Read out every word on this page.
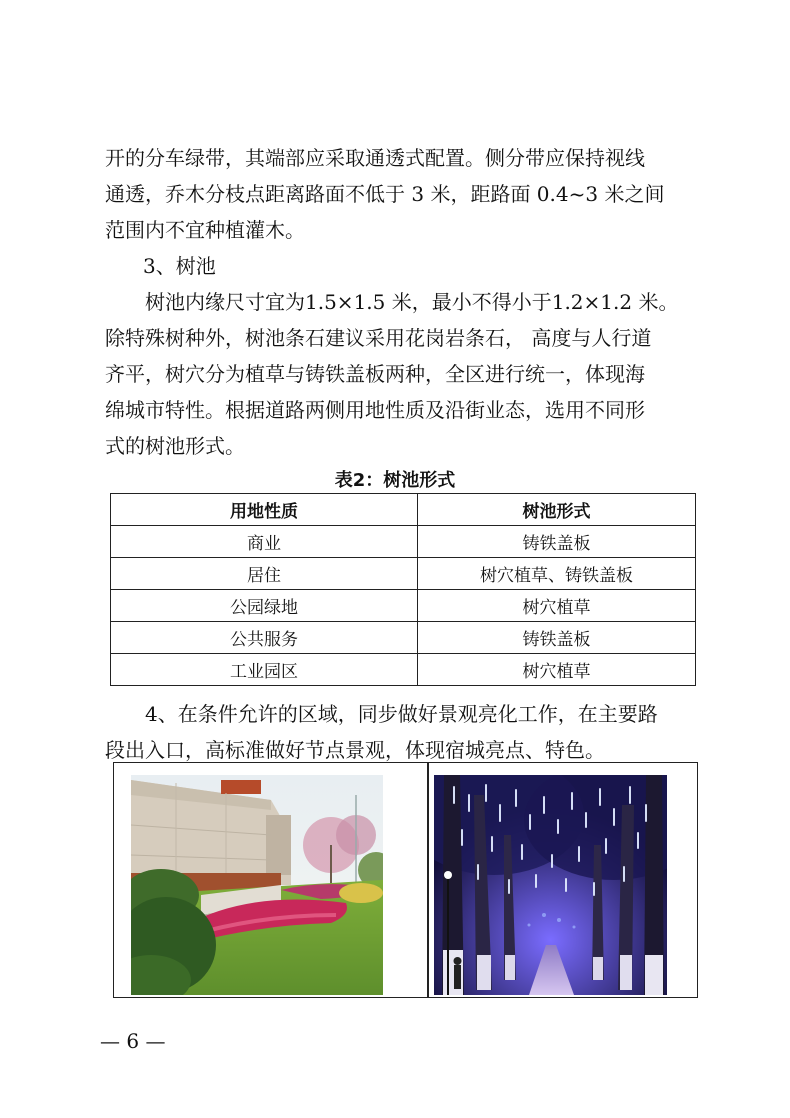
开的分车绿带，其端部应采取通透式配置。侧分带应保持视线
通透，乔木分枝点距离路面不低于 3 米，距路面 0.4~3 米之间
范围内不宜种植灌木。

3、树池

树池内缘尺寸宜为1.5×1.5 米，最小不得小于1.2×1.2 米。
除特殊树种外，树池条石建议采用花岗岩条石， 高度与人行道
齐平，树穴分为植草与铸铁盖板两种，全区进行统一，体现海
绵城市特性。根据道路两侧用地性质及沿街业态，选用不同形
式的树池形式。

表2：树池形式

用地性质	树池形式
商业	铸铁盖板
居住	树穴植草、铸铁盖板
公园绿地	树穴植草
公共服务	铸铁盖板
工业园区	树穴植草
4、在条件允许的区域，同步做好景观亮化工作，在主要路
段出入口，高标准做好节点景观，体现宿城亮点、特色。

— 6 —
